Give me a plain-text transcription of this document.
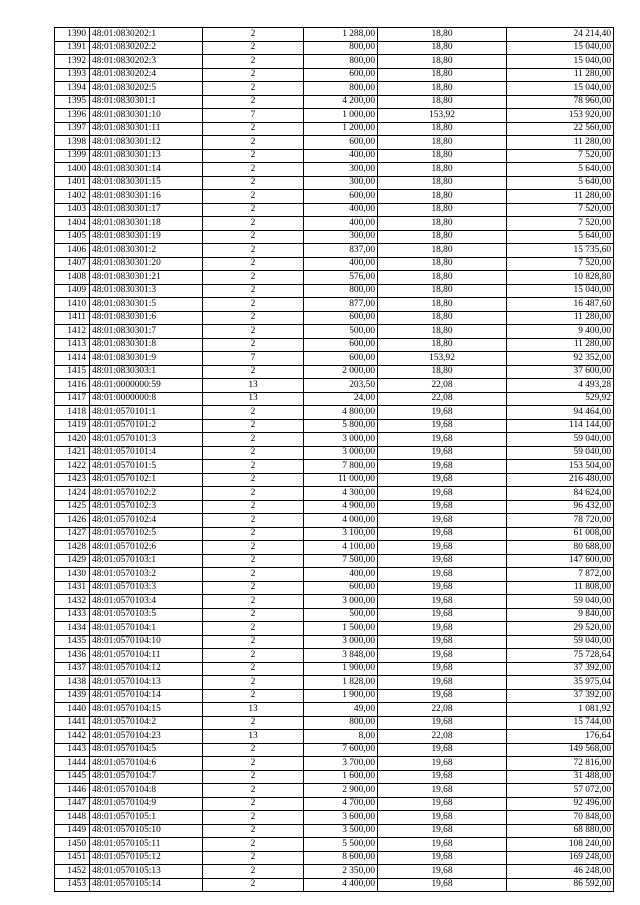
1390	48:01:0830202:1	2	1 288,00	18,80	24 214,40
1391	48:01:0830202:2	2	800,00	18,80	15 040,00
1392	48:01:0830202:3	2	800,00	18,80	15 040,00
1393	48:01:0830202:4	2	600,00	18,80	11 280,00
1394	48:01:0830202:5	2	800,00	18,80	15 040,00
1395	48:01:0830301:1	2	4 200,00	18,80	78 960,00
1396	48:01:0830301:10	7	1 000,00	153,92	153 920,00
1397	48:01:0830301:11	2	1 200,00	18,80	22 560,00
1398	48:01:0830301:12	2	600,00	18,80	11 280,00
1399	48:01:0830301:13	2	400,00	18,80	7 520,00
1400	48:01:0830301:14	2	300,00	18,80	5 640,00
1401	48:01:0830301:15	2	300,00	18,80	5 640,00
1402	48:01:0830301:16	2	600,00	18,80	11 280,00
1403	48:01:0830301:17	2	400,00	18,80	7 520,00
1404	48:01:0830301:18	2	400,00	18,80	7 520,00
1405	48:01:0830301:19	2	300,00	18,80	5 640,00
1406	48:01:0830301:2	2	837,00	18,80	15 735,60
1407	48:01:0830301:20	2	400,00	18,80	7 520,00
1408	48:01:0830301:21	2	576,00	18,80	10 828,80
1409	48:01:0830301:3	2	800,00	18,80	15 040,00
1410	48:01:0830301:5	2	877,00	18,80	16 487,60
1411	48:01:0830301:6	2	600,00	18,80	11 280,00
1412	48:01:0830301:7	2	500,00	18,80	9 400,00
1413	48:01:0830301:8	2	600,00	18,80	11 280,00
1414	48:01:0830301:9	7	600,00	153,92	92 352,00
1415	48:01:0830303:1	2	2 000,00	18,80	37 600,00
1416	48:01:0000000:59	13	203,50	22,08	4 493,28
1417	48:01:0000000:8	13	24,00	22,08	529,92
1418	48:01:0570101:1	2	4 800,00	19,68	94 464,00
1419	48:01:0570101:2	2	5 800,00	19,68	114 144,00
1420	48:01:0570101:3	2	3 000,00	19,68	59 040,00
1421	48:01:0570101:4	2	3 000,00	19,68	59 040,00
1422	48:01:0570101:5	2	7 800,00	19,68	153 504,00
1423	48:01:0570102:1	2	11 000,00	19,68	216 480,00
1424	48:01:0570102:2	2	4 300,00	19,68	84 624,00
1425	48:01:0570102:3	2	4 900,00	19,68	96 432,00
1426	48:01:0570102:4	2	4 000,00	19,68	78 720,00
1427	48:01:0570102:5	2	3 100,00	19,68	61 008,00
1428	48:01:0570102:6	2	4 100,00	19,68	80 688,00
1429	48:01:0570103:1	2	7 500,00	19,68	147 600,00
1430	48:01:0570103:2	2	400,00	19,68	7 872,00
1431	48:01:0570103:3	2	600,00	19,68	11 808,00
1432	48:01:0570103:4	2	3 000,00	19,68	59 040,00
1433	48:01:0570103:5	2	500,00	19,68	9 840,00
1434	48:01:0570104:1	2	1 500,00	19,68	29 520,00
1435	48:01:0570104:10	2	3 000,00	19,68	59 040,00
1436	48:01:0570104:11	2	3 848,00	19,68	75 728,64
1437	48:01:0570104:12	2	1 900,00	19,68	37 392,00
1438	48:01:0570104:13	2	1 828,00	19,68	35 975,04
1439	48:01:0570104:14	2	1 900,00	19,68	37 392,00
1440	48:01:0570104:15	13	49,00	22,08	1 081,92
1441	48:01:0570104:2	2	800,00	19,68	15 744,00
1442	48:01:0570104:23	13	8,00	22,08	176,64
1443	48:01:0570104:5	2	7 600,00	19,68	149 568,00
1444	48:01:0570104:6	2	3 700,00	19,68	72 816,00
1445	48:01:0570104:7	2	1 600,00	19,68	31 488,00
1446	48:01:0570104:8	2	2 900,00	19,68	57 072,00
1447	48:01:0570104:9	2	4 700,00	19,68	92 496,00
1448	48:01:0570105:1	2	3 600,00	19,68	70 848,00
1449	48:01:0570105:10	2	3 500,00	19,68	68 880,00
1450	48:01:0570105:11	2	5 500,00	19,68	108 240,00
1451	48:01:0570105:12	2	8 600,00	19,68	169 248,00
1452	48:01:0570105:13	2	2 350,00	19,68	46 248,00
1453	48:01:0570105:14	2	4 400,00	19,68	86 592,00
